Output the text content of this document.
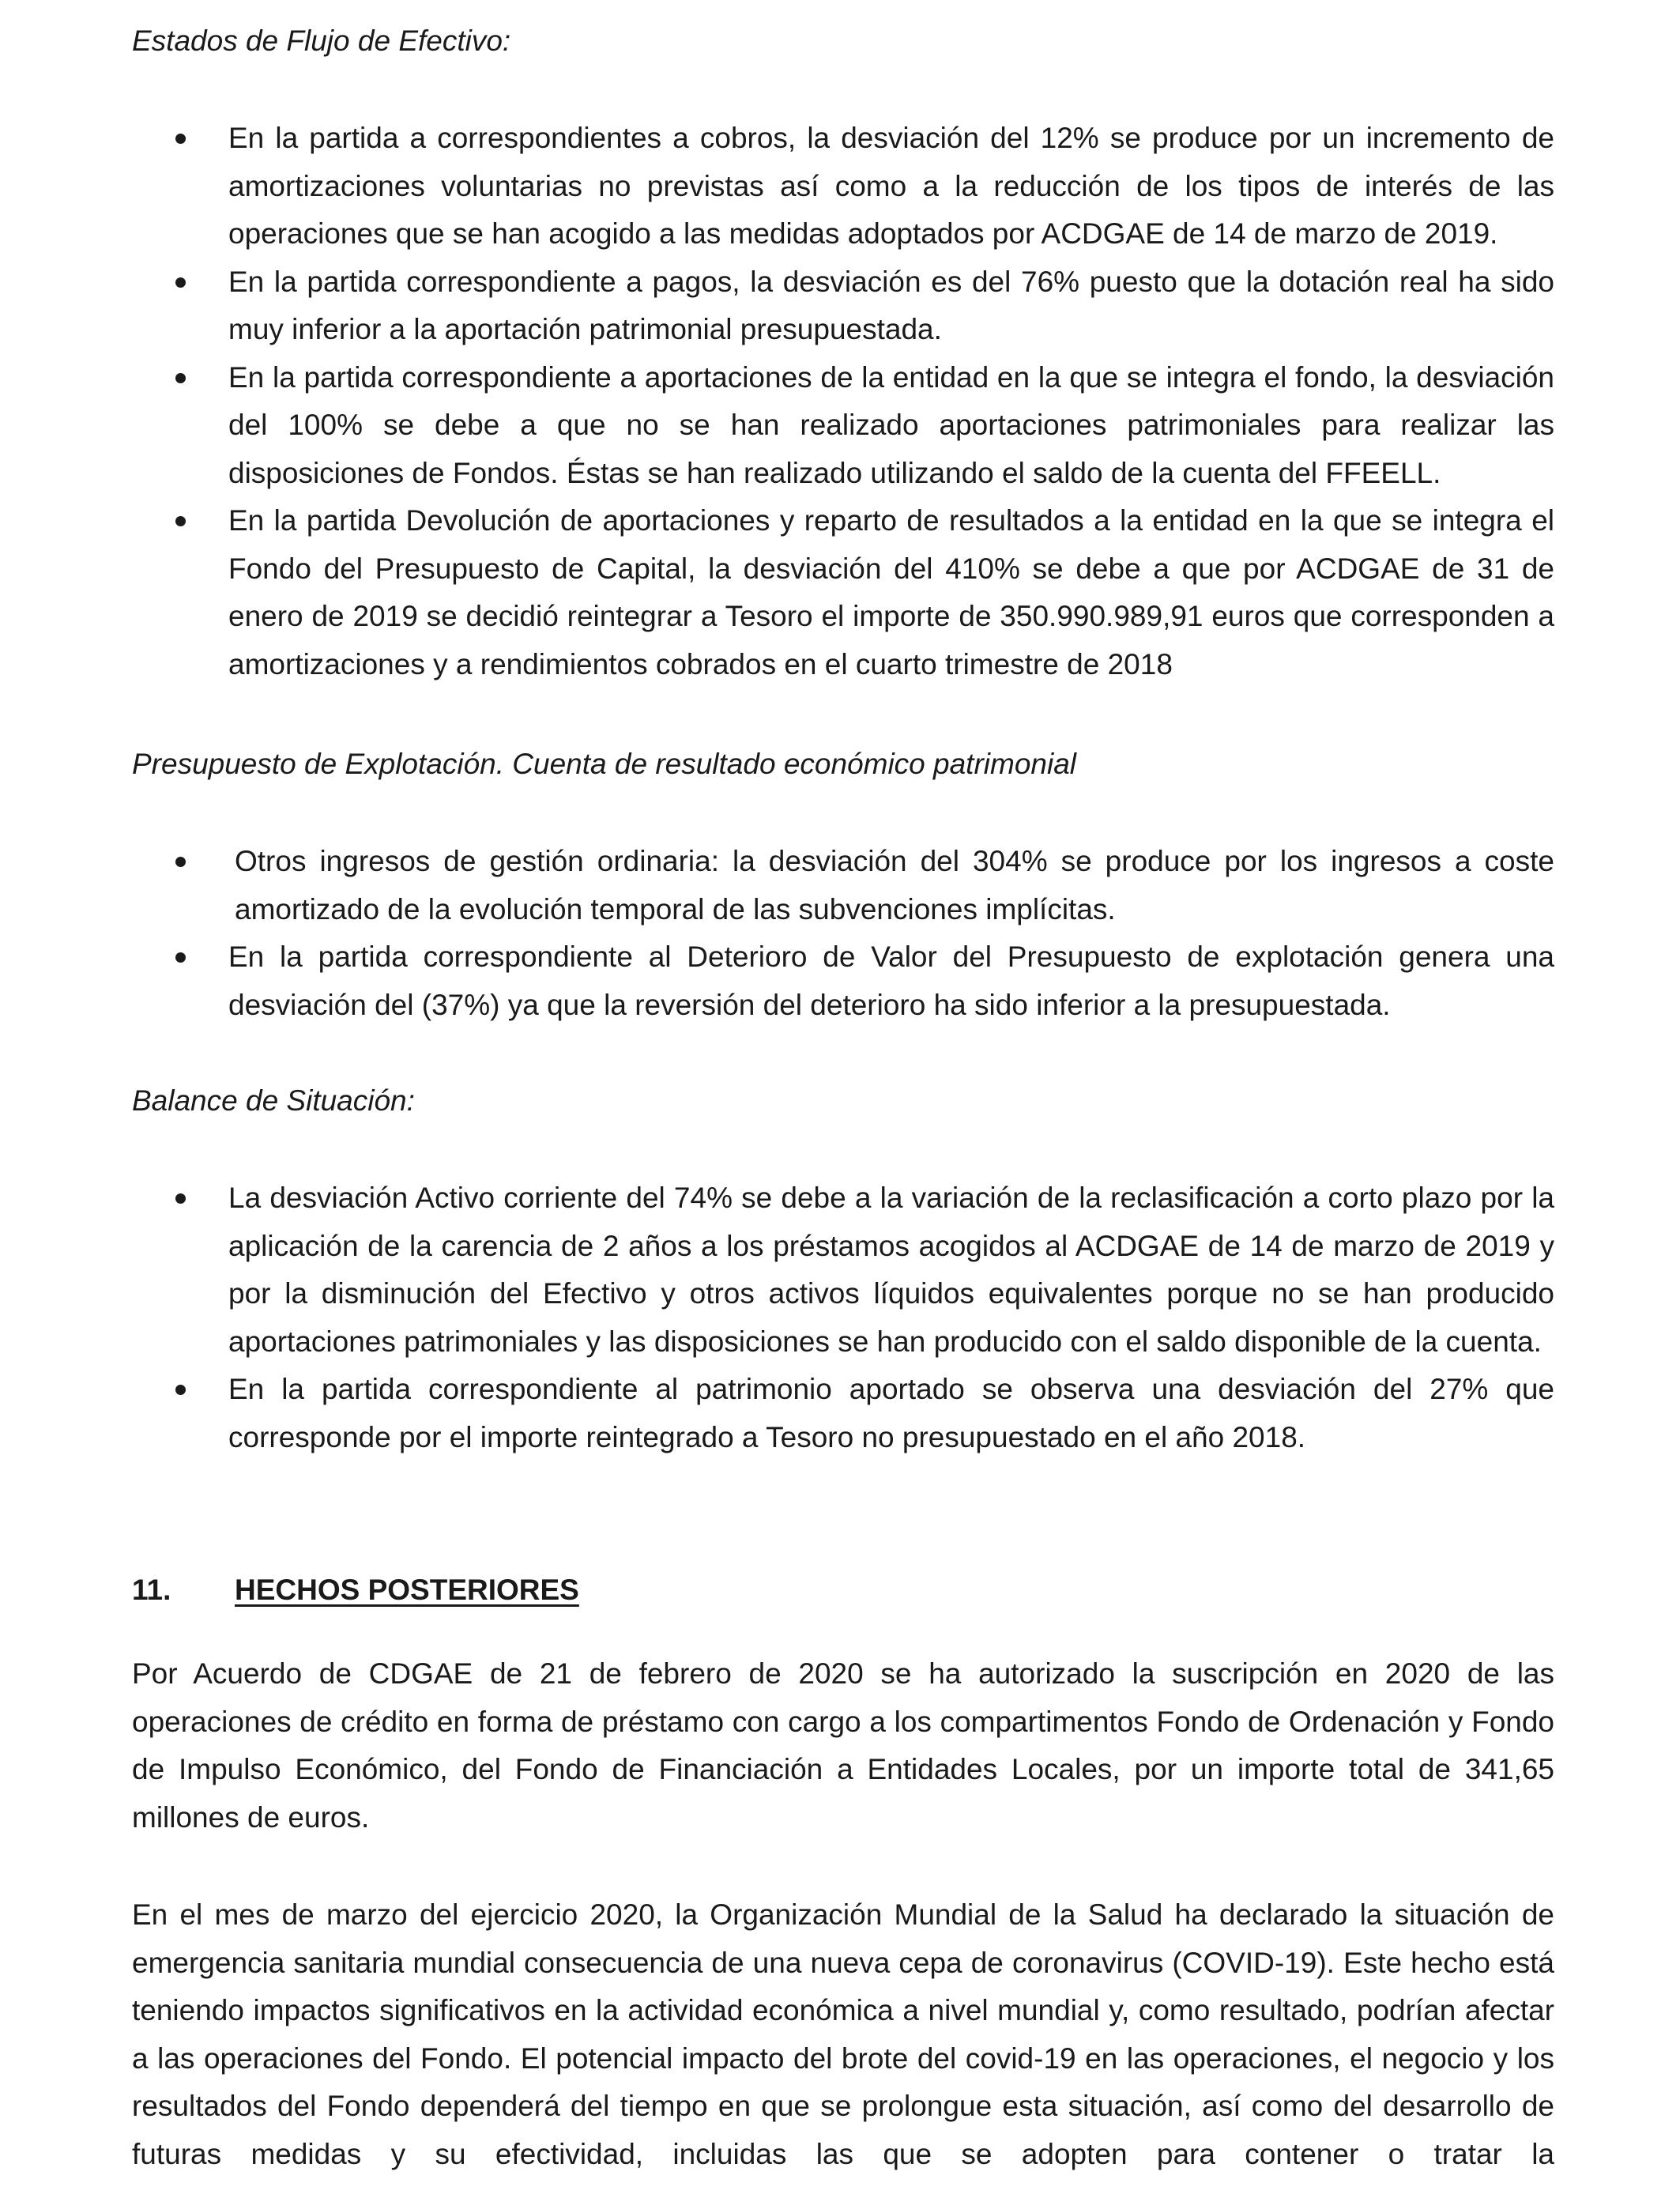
Estados de Flujo de Efectivo:

En la partida a correspondientes a cobros, la desviación del 12% se produce por un incremento de amortizaciones voluntarias no previstas así como a la reducción de los tipos de interés de las operaciones que se han acogido a las medidas adoptados por ACDGAE de 14 de marzo de 2019.
En la partida correspondiente a pagos, la desviación es del 76% puesto que la dotación real ha sido muy inferior a la aportación patrimonial presupuestada.
En la partida correspondiente a aportaciones de la entidad en la que se integra el fondo, la desviación del 100% se debe a que no se han realizado aportaciones patrimoniales para realizar las disposiciones de Fondos. Éstas se han realizado utilizando el saldo de la cuenta del FFEELL.
En la partida Devolución de aportaciones y reparto de resultados a la entidad en la que se integra el Fondo del Presupuesto de Capital, la desviación del 410% se debe a que por ACDGAE de 31 de enero de 2019 se decidió reintegrar a Tesoro el importe de 350.990.989,91 euros que corresponden a amortizaciones y a rendimientos cobrados en el cuarto trimestre de 2018

Presupuesto de Explotación. Cuenta de resultado económico patrimonial

Otros ingresos de gestión ordinaria: la desviación del 304% se produce por los ingresos a coste amortizado de la evolución temporal de las subvenciones implícitas.
En la partida correspondiente al Deterioro de Valor del Presupuesto de explotación genera una desviación del (37%) ya que la reversión del deterioro ha sido inferior a la presupuestada.

Balance de Situación:

La desviación Activo corriente del 74% se debe a la variación de la reclasificación a corto plazo por la aplicación de la carencia de 2 años a los préstamos acogidos al ACDGAE de 14 de marzo de 2019 y por la disminución del Efectivo y otros activos líquidos equivalentes porque no se han producido aportaciones patrimoniales y las disposiciones se han producido con el saldo disponible de la cuenta.
En la partida correspondiente al patrimonio aportado se observa una desviación del 27% que corresponde por el importe reintegrado a Tesoro no presupuestado en el año 2018.
11.	HECHOS POSTERIORES

Por Acuerdo de CDGAE de 21 de febrero de 2020 se ha autorizado la suscripción en 2020 de las operaciones de crédito en forma de préstamo con cargo a los compartimentos Fondo de Ordenación y Fondo de Impulso Económico, del Fondo de Financiación a Entidades Locales, por un importe total de 341,65 millones de euros.

En el mes de marzo del ejercicio 2020, la Organización Mundial de la Salud ha declarado la situación de emergencia sanitaria mundial consecuencia de una nueva cepa de coronavirus (COVID-19). Este hecho está teniendo impactos significativos en la actividad económica a nivel mundial y, como resultado, podrían afectar a las operaciones del Fondo. El potencial impacto del brote del covid-19 en las operaciones, el negocio y los resultados del Fondo dependerá del tiempo en que se prolongue esta situación, así como del desarrollo de futuras medidas y su efectividad, incluidas las que se adopten para contener o tratar la
